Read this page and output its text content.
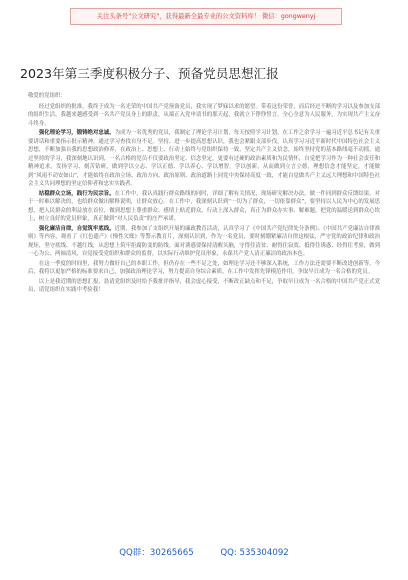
关注头条号"公文研究"，获得最新全最专业的公文资料库！ 微信：gongwenyj
2023年第三季度积极分子、预备党员思想汇报

敬爱的党组织：

经过党组织的批准，我终于成为一名光荣的中国共产党预备党员，我实现了梦寐以求的愿望。带着这份荣誉，而后经过不断的学习以及参加支部的组织生活，我越来越感受到一名共产党员身上的职责，从端正入党申请书的那天起，我就立下铮铮誓言，全心全意为人民服务，为实现共产主义奋斗终身。

强化理论学习，锻铸绝对忠诚。为成为一名优秀的党员，我制定了理论学习计划，每天按照学习计划，在工作之余学习一遍习近平总书记有关重要讲话和重要指示批示精神，通过学习查找自身不足。坚持、进一步提高思想认识，我也会紧跟支部步伐，认真学习习近平新时代中国特色社会主义思想，不断加强自我的思想政治修养，在政治上、思想上、行动上始终与党组织保持一致，坚定共产主义信念，始终坚持党的基本路线毫不动摇，通过坚持的学习，我深刻地认识到，一名合格的党员不仅要政治坚定、信念坚定，更要有过硬的政治素质和为民情怀，自觉把学习作为一种社会责任和精神追求，发扬学习、刻苦钻研，做到学以立志、学以正德、学以养心、学以增智，学以创新，从而做到立言立德，理想信念才能坚定，才能做到“风雨不动安如山”，才能始终在政治立场、政治方向、政治原则、政治道路上同党中央保持高度一致，才能自觉做共产主义远大理想和中国特色社会主义共同理想的坚定信仰者和忠实实践者。

站稳群众立场，践行为民宗旨。在工作中，我认真践行群众路线的同时，详细了解有关情况，现场研究解决办法，做一件同到群众反馈结果，对于一时难以解决的，也给群众做出解释说明，让群众放心。在工作中，我深刻认识到“一切为了群众，一切依靠群众”，要坚持以人民为中心的发展思想，把人民群众的利益放在首位，做到思想上尊重群众、感情上贴近群众、行动上深入群众，真正为群众办实事、解难题，把党的温暖送到群众心坎上，树立良好的党员形象，真正做到“对人民负责”的庄严承诺。

强化廉洁自律，自觉筑牢底线。近期，我参加了支组织开展的廉政教育活动，认真学习了《中国共产党纪律处分条例》、《中国共产党廉洁自律准则》等内容，观看了《红色遗产》《慢性欠账》等警示教育片，深刻认识到，作为一名党员，要时刻绷紧廉洁自律这根弦，严守党的政治纪律和政治规矩，坚守底线、不越红线，从思想上筑牢拒腐防变的防线。面对诱惑要保持清醒头脑，守得住清贫、耐得住寂寞、抵得住诱惑、经得住考验，做到一心为公、两袖清风，自觉接受党组织和群众的监督，以实际行动维护党员形象，永葆共产党人清正廉洁的政治本色。

在这一季度的时间里，我努力做好自己的本职工作，但仍存在一些不足之处，如理论学习还不够深入系统，工作方法还需要不断改进创新等。今后，我将以更加严格的标准要求自己，加强政治理论学习，努力提高自身综合素质，在工作中发挥先锋模范作用，争取早日成为一名合格的党员。

以上是我近期的思想汇报，恳请党组织及时给予我批评指导，我会虚心接受，不断改正缺点和不足，争取早日成为一名合格的中国共产党正式党员，请党组织在实践中考验我！

QQ群：30265665	QQ: 535304092
